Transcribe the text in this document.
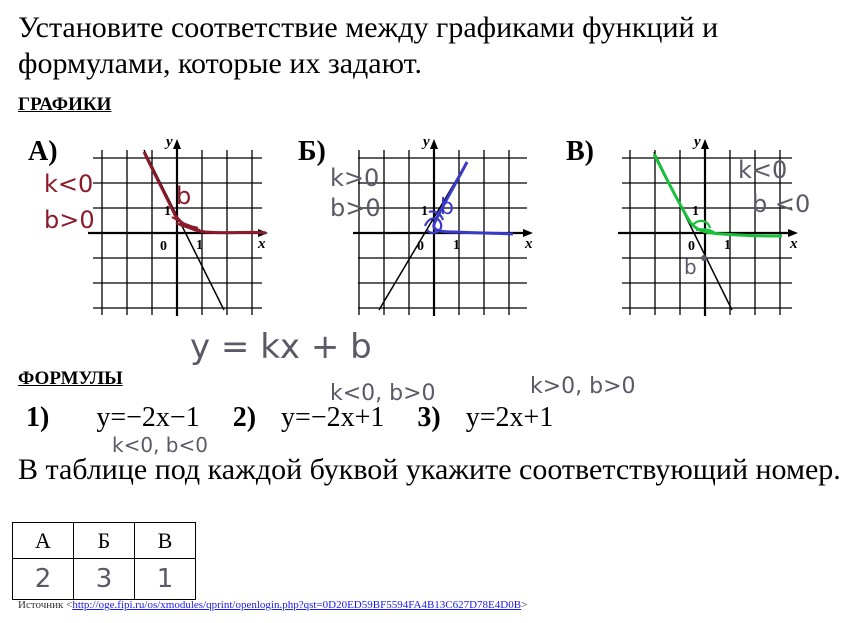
Установите соответствие между графиками функций и формулами, которые их задают.
ГРАФИКИ
А)	Б)	В)
y
x
0 1
1
y
x
0 1
1
y
x
0 1
1
k<0
b>0
b
k>0
b>0	b
k<0
b <0
b
y = kx + b
k<0, b>0	k>0, b>0
k<0, b<0
ФОРМУЛЫ
1) y=−2x−1 2) y=−2x+1 3) y=2x+1
В таблице под каждой буквой укажите соответствующий номер.
А	Б	В
2	3	1
Источник <http://oge.fipi.ru/os/xmodules/qprint/openlogin.php?qst=0D20ED59BF5594FA4B13C627D78E4D0B>
